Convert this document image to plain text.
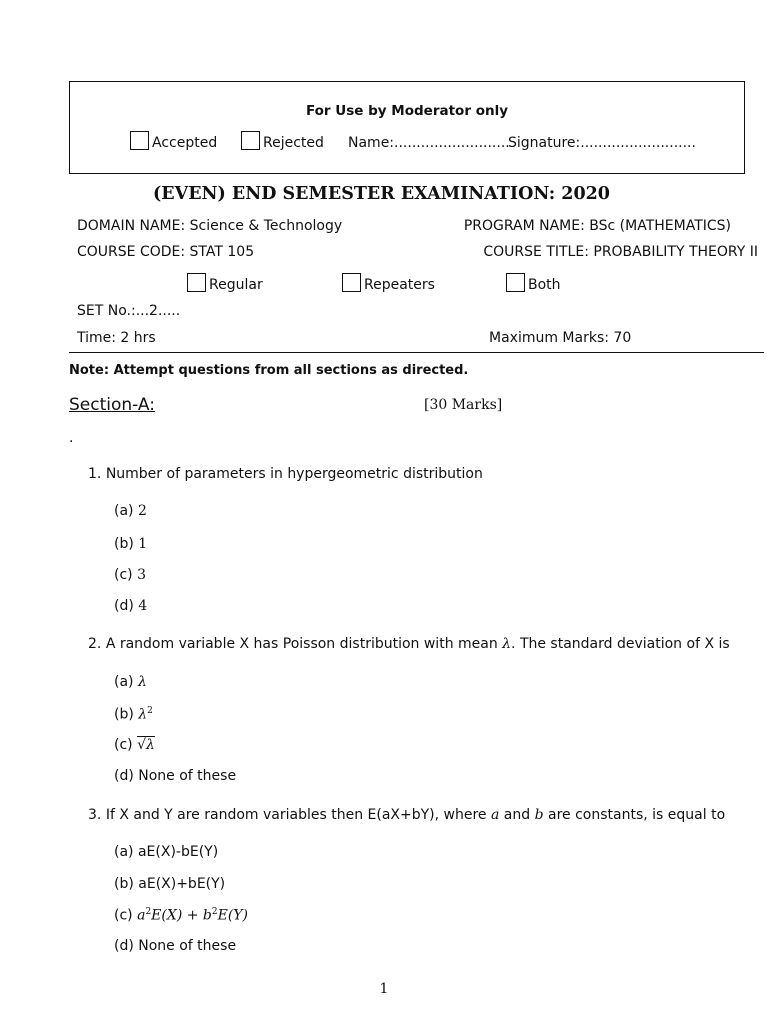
For Use by Moderator only
Accepted	Rejected Name:..........................
Signature:..........................
(EVEN) END SEMESTER EXAMINATION: 2020
DOMAIN NAME: Science & Technology	PROGRAM NAME: BSc (MATHEMATICS)
COURSE CODE: STAT 105	COURSE TITLE: PROBABILITY THEORY II
Regular	Repeaters	Both
SET No.:...2.....
Time: 2 hrs	Maximum Marks: 70
Note: Attempt questions from all sections as directed.
Section-A:	[30 Marks]
.
1. Number of parameters in hypergeometric distribution
(a) 2
(b) 1
(c) 3
(d) 4
2. A random variable X has Poisson distribution with mean λ. The standard deviation of X is
(a) λ
(b) $\lambda^2$
(c) √λ
(d) None of these
3. If X and Y are random variables then E(aX+bY), where a and b are constants, is equal to
(a) aE(X)-bE(Y)
(b) aE(X)+bE(Y)
(c) $a^2E(X) + b^2E(Y)$
(d) None of these
1
